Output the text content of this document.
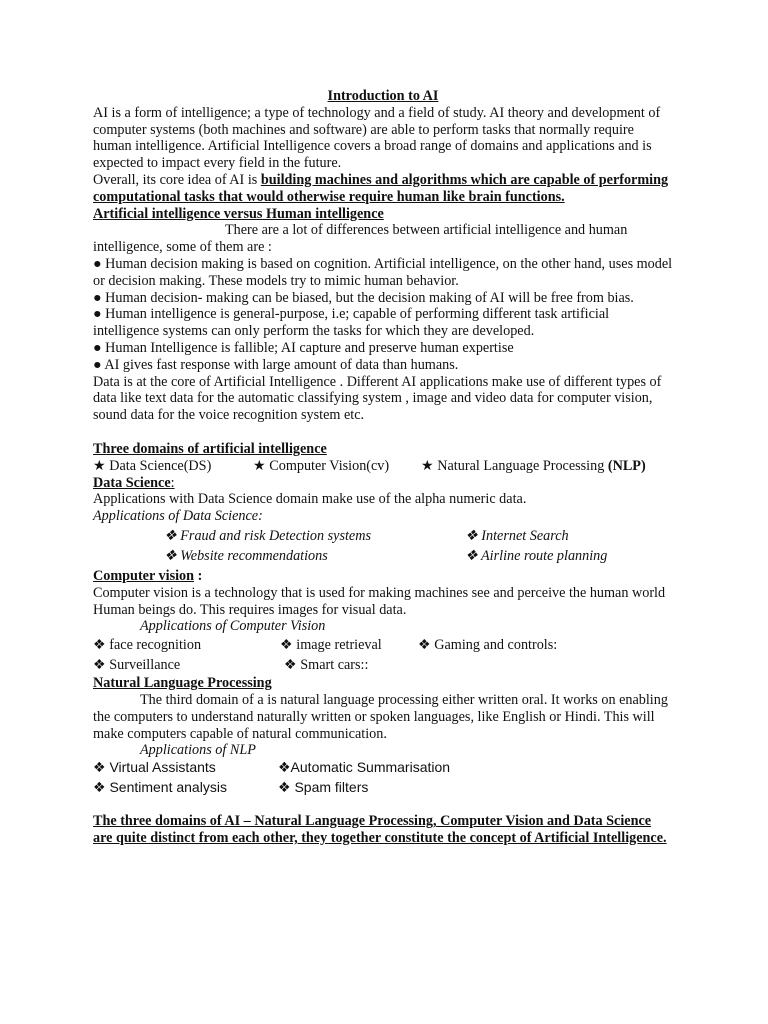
Introduction to AI

AI is a form of intelligence; a type of technology and a field of study. AI theory and development of computer systems (both machines and software) are able to perform tasks that normally require human intelligence. Artificial Intelligence covers a broad range of domains and applications and is expected to impact every field in the future.

Overall, its core idea of AI is building machines and algorithms which are capable of performing computational tasks that would otherwise require human like brain functions.

Artificial intelligence versus Human intelligence

There are a lot of differences between artificial intelligence and human intelligence, some of them are :

● Human decision making is based on cognition. Artificial intelligence, on the other hand, uses model or decision making. These models try to mimic human behavior.

● Human decision- making can be biased, but the decision making of AI will be free from bias.

● Human intelligence is general-purpose, i.e; capable of performing different task artificial intelligence systems can only perform the tasks for which they are developed.

● Human Intelligence is fallible; AI capture and preserve human expertise

● AI gives fast response with large amount of data than humans.

Data is at the core of Artificial Intelligence . Different AI applications make use of different types of data like text data for the automatic classifying system , image and video data for computer vision,

sound data for the voice recognition system etc.

Three domains of artificial intelligence

★ Data Science(DS)	★ Computer Vision(cv)	★ Natural Language Processing (NLP)

Data Science:

Applications with Data Science domain make use of the alpha numeric data.

Applications of Data Science:

❖ Fraud and risk Detection systems	❖ Internet Search
❖ Website recommendations	❖ Airline route planning

Computer vision :

Computer vision is a technology that is used for making machines see and perceive the human world Human beings do. This requires images for visual data.

Applications of Computer Vision

❖ face recognition	❖ image retrieval	❖ Gaming and controls:
❖ Surveillance	❖ Smart cars::

Natural Language Processing

The third domain of a is natural language processing either written oral. It works on enabling the computers to understand naturally written or spoken languages, like English or Hindi. This will make computers capable of natural communication.

Applications of NLP

❖ Virtual Assistants	❖Automatic Summarisation
❖ Sentiment analysis	❖ Spam filters

The three domains of AI – Natural Language Processing, Computer Vision and Data Science are quite distinct from each other, they together constitute the concept of Artificial Intelligence.
